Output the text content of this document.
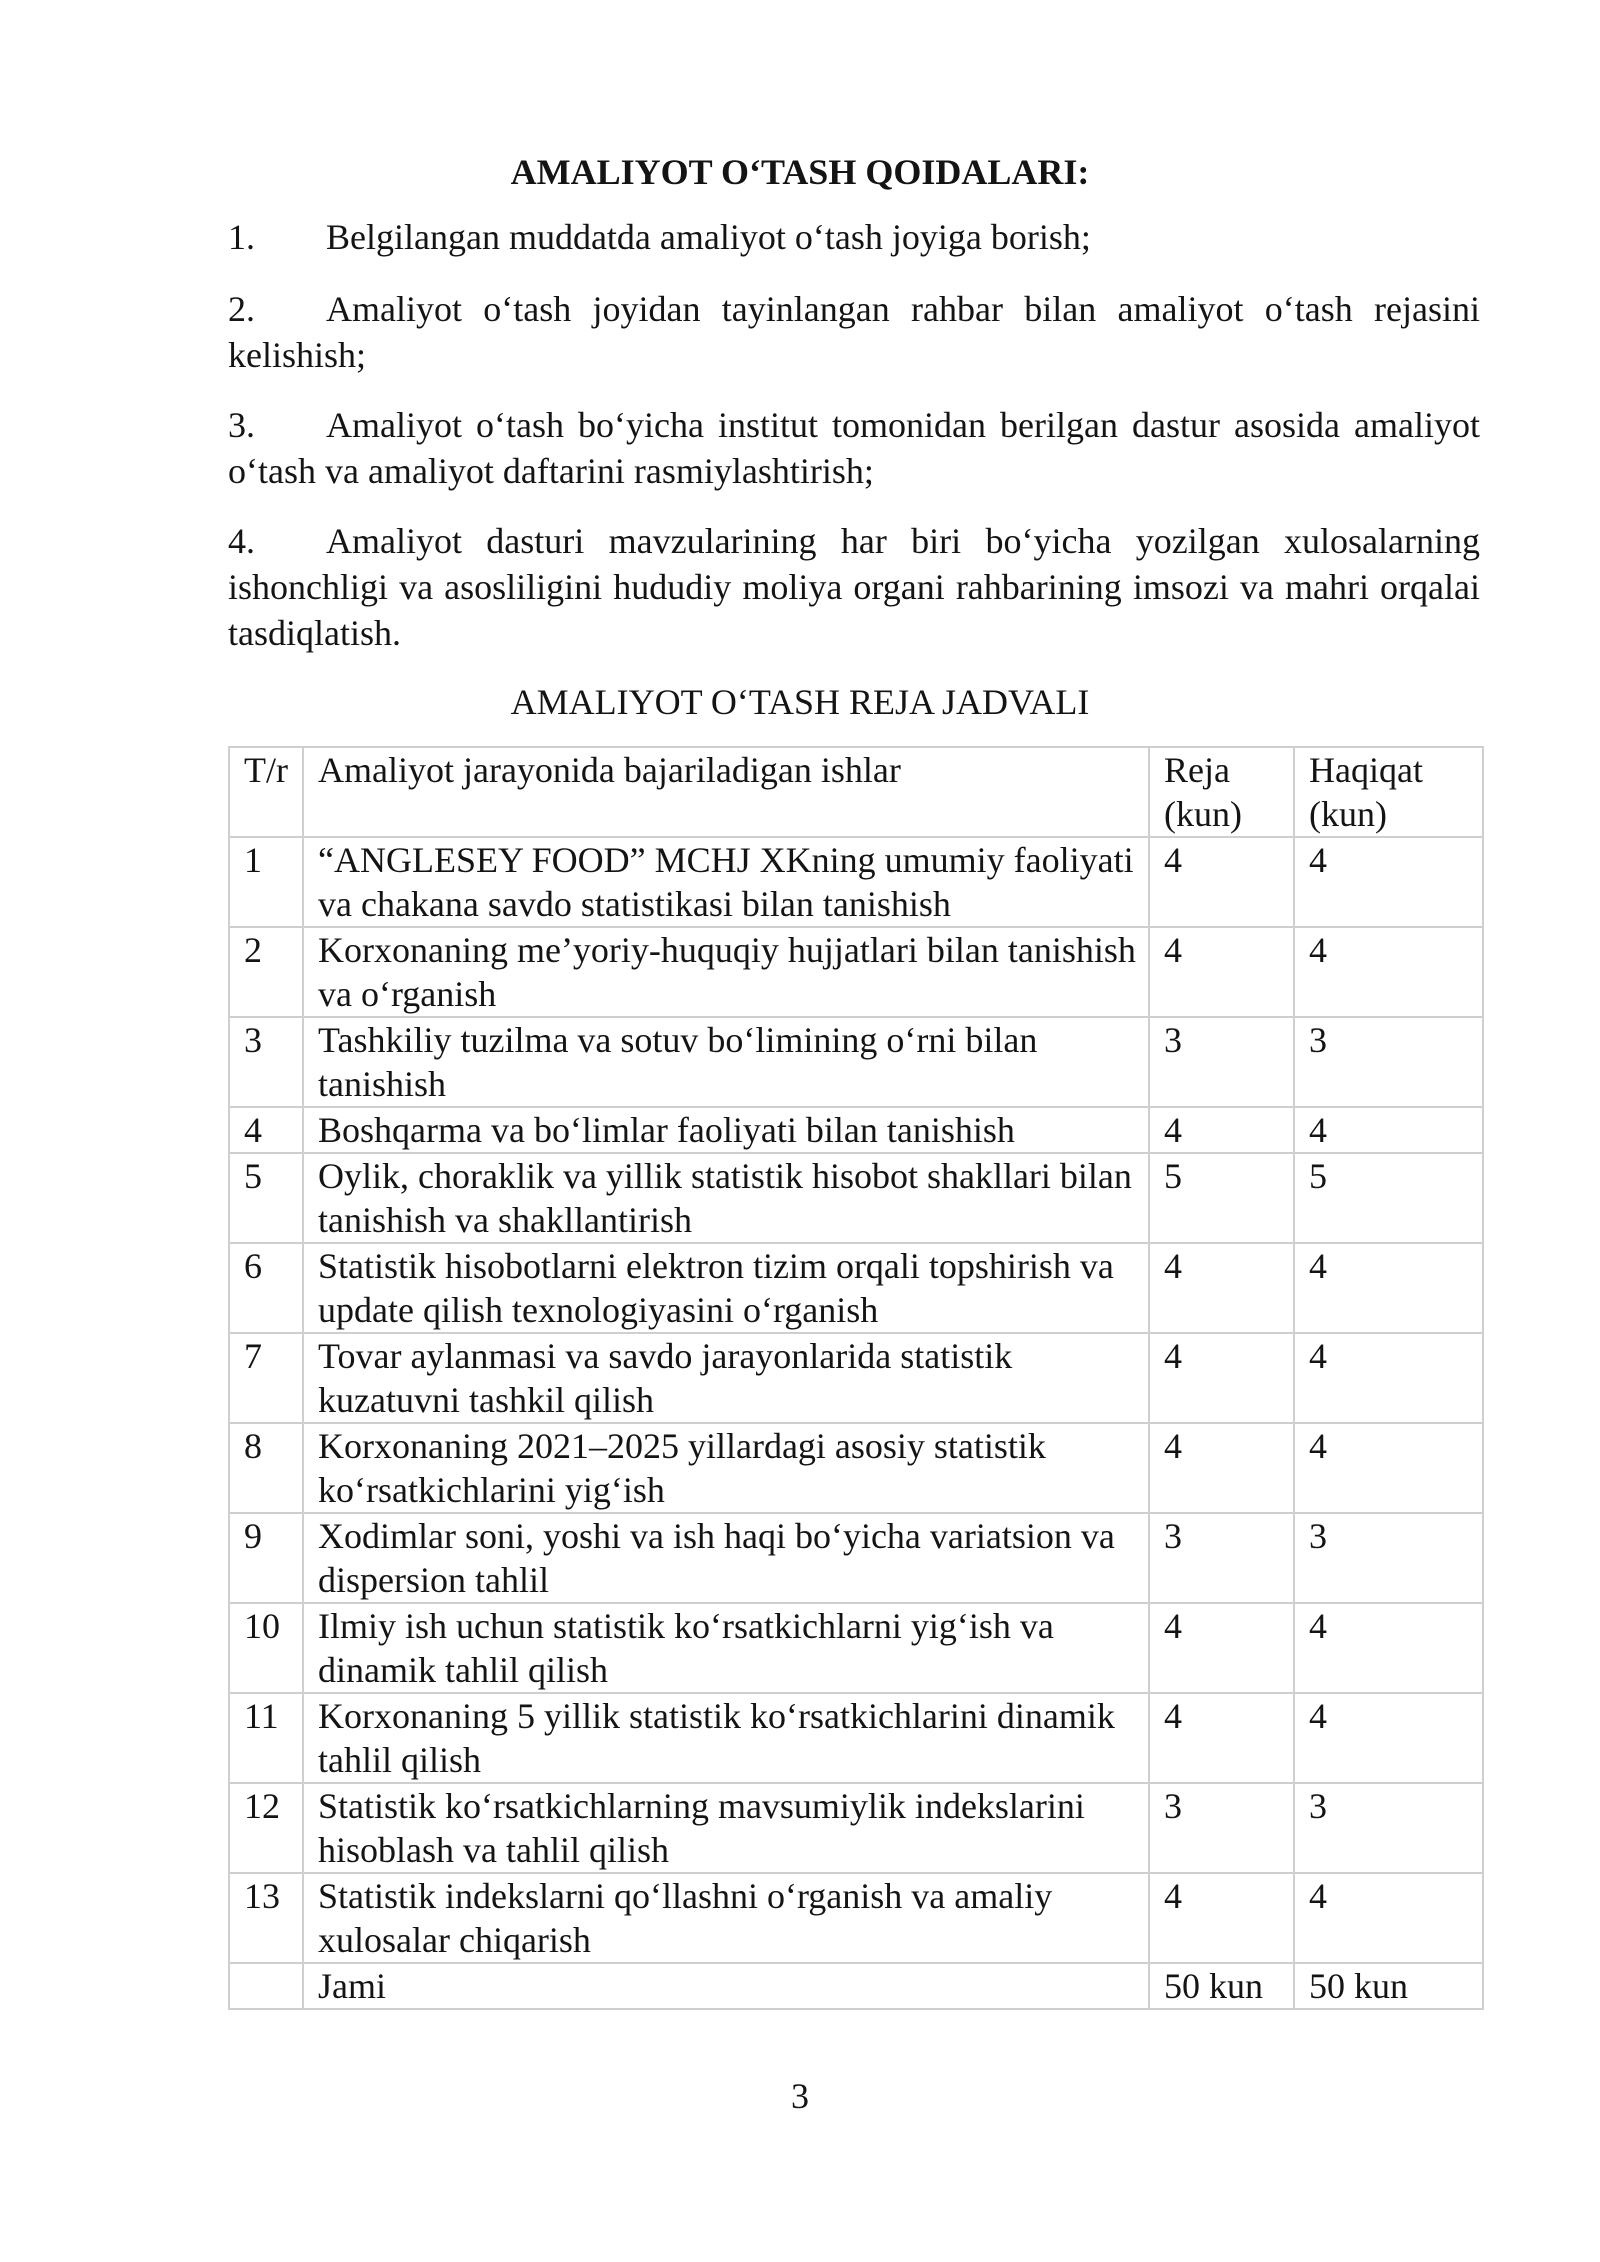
AMALIYOT O‘TASH QOIDALARI:
1. Belgilangan muddatda amaliyot o‘tash joyiga borish;
2. Amaliyot o‘tash joyidan tayinlangan rahbar bilan amaliyot o‘tash rejasini kelishish;
3. Amaliyot o‘tash bo‘yicha institut tomonidan berilgan dastur asosida amaliyot o‘tash va amaliyot daftarini rasmiylashtirish;
4. Amaliyot dasturi mavzularining har biri bo‘yicha yozilgan xulosalarning ishonchligi va asosliligini hududiy moliya organi rahbarining imsozi va mahri orqalai tasdiqlatish.
AMALIYOT O‘TASH REJA JADVALI
T/r	Amaliyot jarayonida bajariladigan ishlar	Reja (kun)	Haqiqat (kun)
1	“ANGLESEY FOOD” MCHJ XKning umumiy faoliyati va chakana savdo statistikasi bilan tanishish	4	4
2	Korxonaning me’yoriy-huquqiy hujjatlari bilan tanishish va o‘rganish	4	4
3	Tashkiliy tuzilma va sotuv bo‘limining o‘rni bilan tanishish	3	3
4	Boshqarma va bo‘limlar faoliyati bilan tanishish	4	4
5	Oylik, choraklik va yillik statistik hisobot shakllari bilan tanishish va shakllantirish	5	5
6	Statistik hisobotlarni elektron tizim orqali topshirish va update qilish texnologiyasini o‘rganish	4	4
7	Tovar aylanmasi va savdo jarayonlarida statistik kuzatuvni tashkil qilish	4	4
8	Korxonaning 2021–2025 yillardagi asosiy statistik ko‘rsatkichlarini yig‘ish	4	4
9	Xodimlar soni, yoshi va ish haqi bo‘yicha variatsion va dispersion tahlil	3	3
10	Ilmiy ish uchun statistik ko‘rsatkichlarni yig‘ish va dinamik tahlil qilish	4	4
11	Korxonaning 5 yillik statistik ko‘rsatkichlarini dinamik tahlil qilish	4	4
12	Statistik ko‘rsatkichlarning mavsumiylik indekslarini hisoblash va tahlil qilish	3	3
13	Statistik indekslarni qo‘llashni o‘rganish va amaliy xulosalar chiqarish	4	4
	Jami	50 kun	50 kun
3
